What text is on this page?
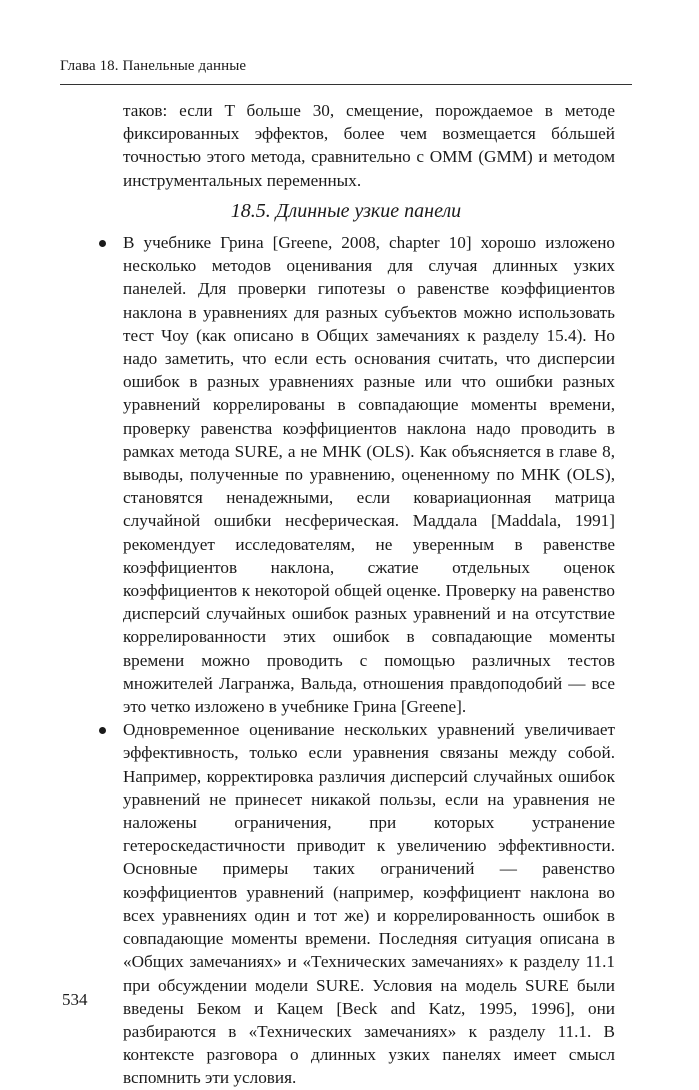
Глава 18. Панельные данные

таков: если T больше 30, смещение, порождаемое в методе фиксированных эффектов, более чем возмещается бóльшей точностью этого метода, сравнительно с ОММ (GMM) и методом инструментальных переменных.

18.5. Длинные узкие панели
В учебнике Грина [Greene, 2008, chapter 10] хорошо изложено несколько методов оценивания для случая длинных узких панелей. Для проверки гипотезы о равенстве коэффициентов наклона в уравнениях для разных субъектов можно использовать тест Чоу (как описано в Общих замечаниях к разделу 15.4). Но надо заметить, что если есть основания считать, что дисперсии ошибок в разных уравнениях разные или что ошибки разных уравнений коррелированы в совпадающие моменты времени, проверку равенства коэффициентов наклона надо проводить в рамках метода SURE, а не МНК (OLS). Как объясняется в главе 8, выводы, полученные по уравнению, оцененному по МНК (OLS), становятся ненадежными, если ковариационная матрица случайной ошибки несферическая. Маддала [Maddala, 1991] рекомендует исследователям, не уверенным в равенстве коэффициентов наклона, сжатие отдельных оценок коэффициентов к некоторой общей оценке. Проверку на равенство дисперсий случайных ошибок разных уравнений и на отсутствие коррелированности этих ошибок в совпадающие моменты времени можно проводить с помощью различных тестов множителей Лагранжа, Вальда, отношения правдоподобий — все это четко изложено в учебнике Грина [Greene].
Одновременное оценивание нескольких уравнений увеличивает эффективность, только если уравнения связаны между собой. Например, корректировка различия дисперсий случайных ошибок уравнений не принесет никакой пользы, если на уравнения не наложены ограничения, при которых устранение гетероскедастичности приводит к увеличению эффективности. Основные примеры таких ограничений — равенство коэффициентов уравнений (например, коэффициент наклона во всех уравнениях один и тот же) и коррелированность ошибок в совпадающие моменты времени. Последняя ситуация описана в «Общих замечаниях» и «Технических замечаниях» к разделу 11.1 при обсуждении модели SURE. Условия на модель SURE были введены Беком и Кацем [Beck and Katz, 1995, 1996], они разбираются в «Технических замечаниях» к разделу 11.1. В контексте разговора о длинных узких панелях имеет смысл вспомнить эти условия.
534
